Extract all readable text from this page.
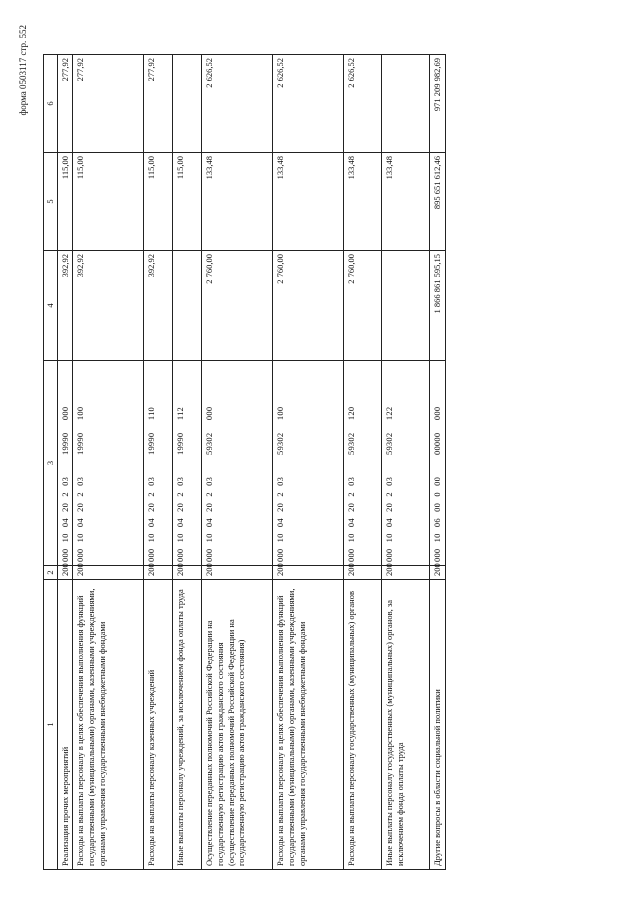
форма 0503117 стр. 552
1	2	3	4	5	6
Реализация прочих мероприятий	200	000 10 04 20 2 0319990  000	392,92	115,00	277,92
Расходы на выплаты персоналу в целях обеспечения выполнения функций государственными (муниципальными) органами, казенными учреждениями, органами управления государственными внебюджетными фондами	200	000 10 04 20 2 0319990  100	392,92	115,00	277,92
Расходы на выплаты персоналу казенных учреждений	200	000 10 04 20 2 0319990  110	392,92	115,00	277,92
Иные выплаты персоналу учреждений, за исключением фонда оплаты труда	200	000 10 04 20 2 0319990  112		115,00	
Осуществление переданных полномочий Российской Федерации на государственную регистрацию актов гражданского состояния (осуществление переданных полномочий Российской Федерации на государственную регистрацию актов гражданского состояния)	200	000 10 04 20 2 0359302  000	2 760,00	133,48	2 626,52
Расходы на выплаты персоналу в целях обеспечения выполнения функций государственными (муниципальными) органами, казенными учреждениями, органами управления государственными внебюджетными фондами	200	000 10 04 20 2 0359302  100	2 760,00	133,48	2 626,52
Расходы на выплаты персоналу государственных (муниципальных) органов	200	000 10 04 20 2 0359302  120	2 760,00	133,48	2 626,52
Иные выплаты персоналу государственных (муниципальных) органов, за исключением фонда оплаты труда	200	000 10 04 20 2 0359302  122		133,48	
Другие вопросы в области социальной политики	200	000 10 06 00 0 0000000  000	1 866 861 595,15	895 651 612,46	971 209 982,69
